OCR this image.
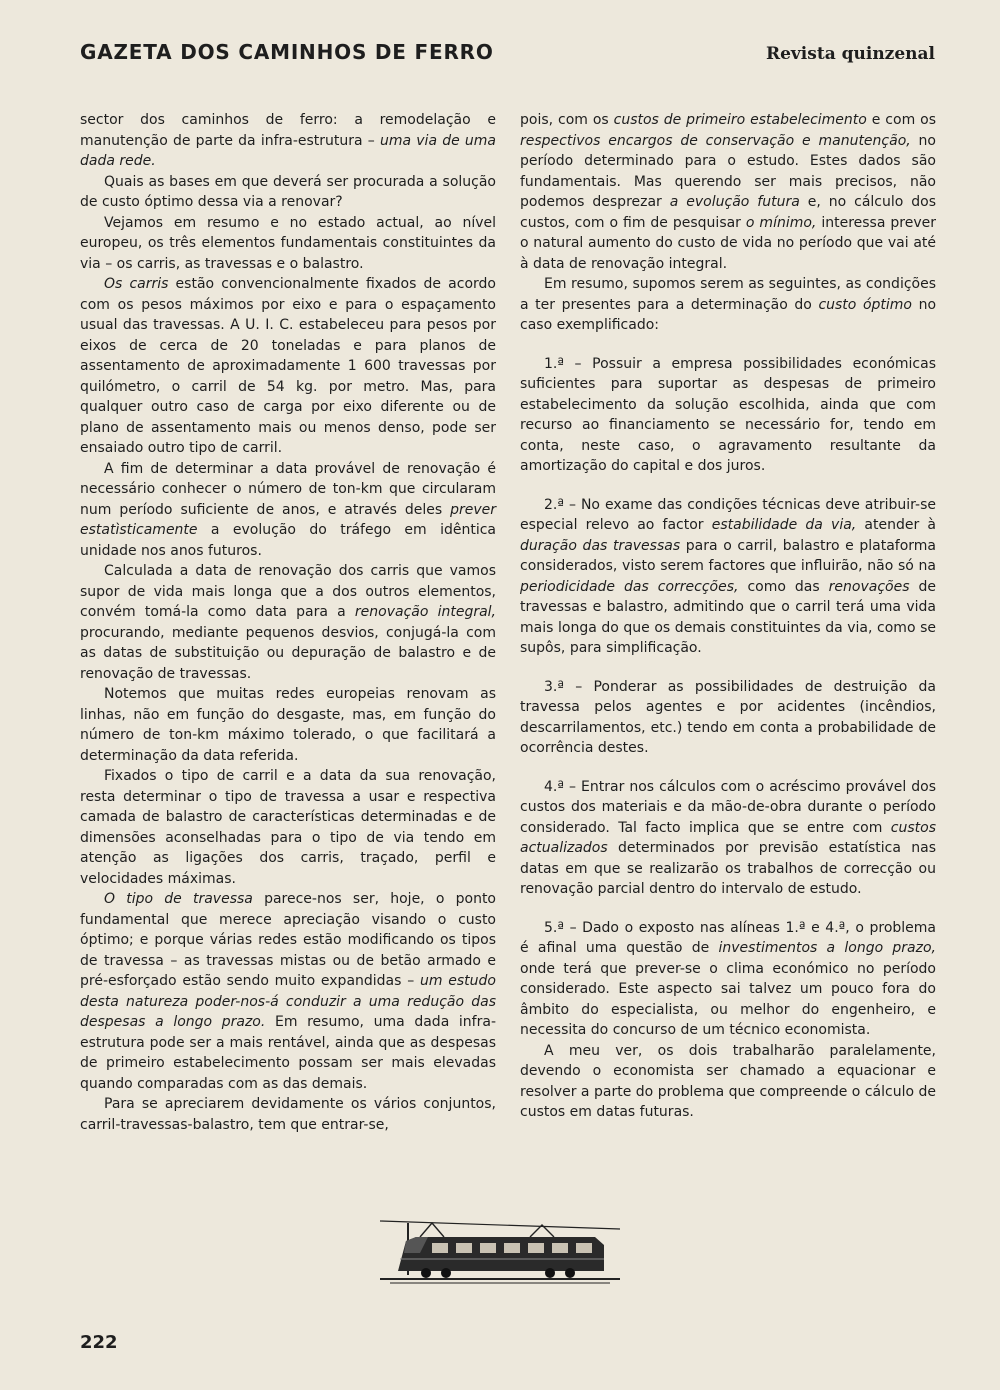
GAZETA DOS CAMINHOS DE FERRO	Revista quinzenal

sector dos caminhos de ferro: a remodelação e manutenção de parte da infra-estrutura – uma via de uma dada rede.

Quais as bases em que deverá ser procurada a solução de custo óptimo dessa via a renovar?

Vejamos em resumo e no estado actual, ao nível europeu, os três elementos fundamentais constituintes da via – os carris, as travessas e o balastro.

Os carris estão convencionalmente fixados de acordo com os pesos máximos por eixo e para o espaçamento usual das travessas. A U. I. C. estabeleceu para pesos por eixos de cerca de 20 toneladas e para planos de assentamento de aproximadamente 1 600 travessas por quilómetro, o carril de 54 kg. por metro. Mas, para qualquer outro caso de carga por eixo diferente ou de plano de assentamento mais ou menos denso, pode ser ensaiado outro tipo de carril.

A fim de determinar a data provável de renovação é necessário conhecer o número de ton-km que circularam num período suficiente de anos, e através deles prever estatìsticamente a evolução do tráfego em idêntica unidade nos anos futuros.

Calculada a data de renovação dos carris que vamos supor de vida mais longa que a dos outros elementos, convém tomá-la como data para a renovação integral, procurando, mediante pequenos desvios, conjugá-la com as datas de substituição ou depuração de balastro e de renovação de travessas.

Notemos que muitas redes europeias renovam as linhas, não em função do desgaste, mas, em função do número de ton-km máximo tolerado, o que facilitará a determinação da data referida.

Fixados o tipo de carril e a data da sua renovação, resta determinar o tipo de travessa a usar e respectiva camada de balastro de características determinadas e de dimensões aconselhadas para o tipo de via tendo em atenção as ligações dos carris, traçado, perfil e velocidades máximas.

O tipo de travessa parece-nos ser, hoje, o ponto fundamental que merece apreciação visando o custo óptimo; e porque várias redes estão modificando os tipos de travessa – as travessas mistas ou de betão armado e pré-esforçado estão sendo muito expandidas – um estudo desta natureza poder-nos-á conduzir a uma redução das despesas a longo prazo. Em resumo, uma dada infra-estrutura pode ser a mais rentável, ainda que as despesas de primeiro estabelecimento possam ser mais elevadas quando comparadas com as das demais.

Para se apreciarem devidamente os vários conjuntos, carril-travessas-balastro, tem que entrar-se,

pois, com os custos de primeiro estabelecimento e com os respectivos encargos de conservação e manutenção, no período determinado para o estudo. Estes dados são fundamentais. Mas querendo ser mais precisos, não podemos desprezar a evolução futura e, no cálculo dos custos, com o fim de pesquisar o mínimo, interessa prever o natural aumento do custo de vida no período que vai até à data de renovação integral.

Em resumo, supomos serem as seguintes, as condições a ter presentes para a determinação do custo óptimo no caso exemplificado:

1.ª – Possuir a empresa possibilidades económicas suficientes para suportar as despesas de primeiro estabelecimento da solução escolhida, ainda que com recurso ao financiamento se necessário for, tendo em conta, neste caso, o agravamento resultante da amortização do capital e dos juros.

2.ª – No exame das condições técnicas deve atribuir-se especial relevo ao factor estabilidade da via, atender à duração das travessas para o carril, balastro e plataforma considerados, visto serem factores que influirão, não só na periodicidade das correcções, como das renovações de travessas e balastro, admitindo que o carril terá uma vida mais longa do que os demais constituintes da via, como se supôs, para simplificação.

3.ª – Ponderar as possibilidades de destruição da travessa pelos agentes e por acidentes (incêndios, descarrilamentos, etc.) tendo em conta a probabilidade de ocorrência destes.

4.ª – Entrar nos cálculos com o acréscimo provável dos custos dos materiais e da mão-de-obra durante o período considerado. Tal facto implica que se entre com custos actualizados determinados por previsão estatística nas datas em que se realizarão os trabalhos de correcção ou renovação parcial dentro do intervalo de estudo.

5.ª – Dado o exposto nas alíneas 1.ª e 4.ª, o problema é afinal uma questão de investimentos a longo prazo, onde terá que prever-se o clima económico no período considerado. Este aspecto sai talvez um pouco fora do âmbito do especialista, ou melhor do engenheiro, e necessita do concurso de um técnico economista.

A meu ver, os dois trabalharão paralelamente, devendo o economista ser chamado a equacionar e resolver a parte do problema que compreende o cálculo de custos em datas futuras.

222
